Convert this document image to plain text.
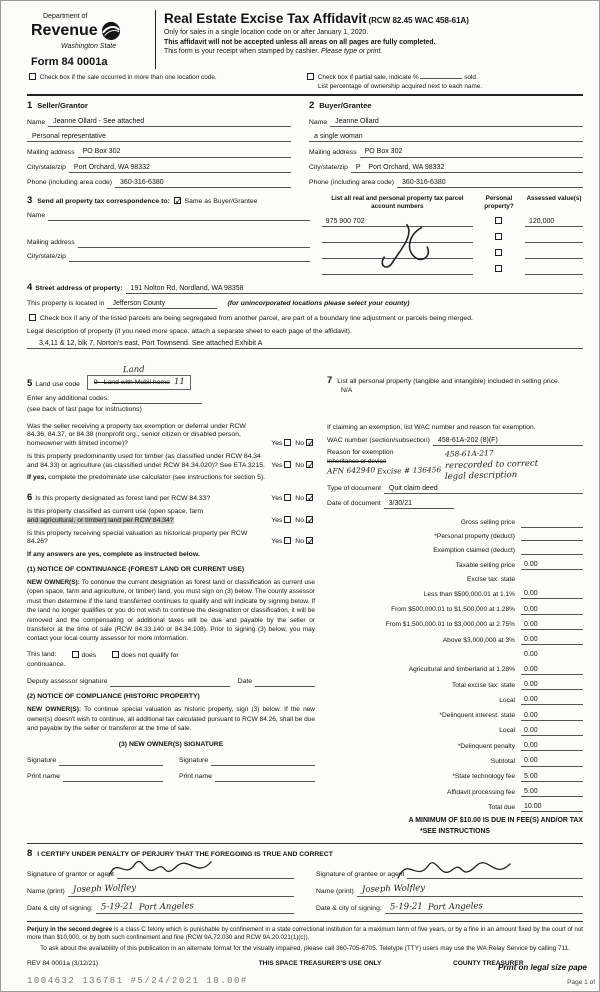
Department of
Revenue
Washington State
Form 84 0001a
Real Estate Excise Tax Affidavit (RCW 82.45 WAC 458-61A)
Only for sales in a single location code on or after January 1, 2020.
This affidavit will not be accepted unless all areas on all pages are fully completed.
This form is your receipt when stamped by cashier. Please type or print.
Check box if the sale occurred in more than one location code.	Check box if partial sale, indicate %	sold.
List percentage of ownership acquired next to each name.
1 Seller/Grantor
Name	Jeanne Ollard - See attached
Personal representative
Mailing address	PO Box 302
City/state/zip	Port Orchard, WA 98332
Phone (including area code)	360-316-6380
2 Buyer/Grantee
Name	Jeanne Ollard
a single woman
Mailing address	PO Box 302
City/state/zip	P Port Orchard, WA 98332
Phone (including area code)	360-316-6380
3 Send all property tax correspondence to: ✓ Same as Buyer/Grantee
Name
Mailing address
City/state/zip
List all real and personal property tax parcel account numbers
Personal property?
Assessed value(s)
975 900 702	120,000
4 Street address of property:	191 Nolton Rd, Nordland, WA 98358
This property is located in	Jefferson County	(for unincorporated locations please select your county)
Check box if any of the listed parcels are being segregated from another parcel, are part of a boundary line adjustment or parcels being merged.
Legal description of property (if you need more space, attach a separate sheet to each page of the affidavit).
3,4,11 & 12, blk 7, Norton's east, Port Townsend. See attached Exhibit A
5 Land use code	9 - Land with Mobil home 11
Land
Enter any additional codes:
(see back of last page for instructions)
Was the seller receiving a property tax exemption or deferral under RCW 84.36, 84.37, or 84.38 (nonprofit org., senior citizen or disabled person, homeowner with limited income)?	Yes No ✓
Is this property predominantly used for timber (as classified under RCW 84.34 and 84.33) or agriculture (as classified under RCW 84.34.020)? See ETA 3215. Yes No ✓
If yes, complete the predominate use calculator (see instructions for section 5).
6 Is this property designated as forest land per RCW 84.33?	Yes No ✓
Is this property classified as current use (open space, farm
and agricultural, or timber) land per RCW 84.34?	Yes No ✓
Is this property receiving special valuation as historical property per RCW 84.26?	Yes No ✓
If any answers are yes, complete as instructed below.
(1) NOTICE OF CONTINUANCE (FOREST LAND OR CURRENT USE)
NEW OWNER(S): To continue the current designation as forest land or classification as current use (open space, farm and agriculture, or timber) land, you must sign on (3) below. The county assessor must then determine if the land transferred continues to qualify and will indicate by signing below. If the land no longer qualifies or you do not wish to continue the designation or classification, it will be removed and the compensating or additional taxes will be due and payable by the seller or transferor at the time of sale (RCW 84.33.140 or 84.34.108). Prior to signing (3) below, you may contact your local county assessor for more information.
This land:	does	does not qualify for
continuance.
Deputy assessor signature	Date
(2) NOTICE OF COMPLIANCE (HISTORIC PROPERTY)
NEW OWNER(S): To continue special valuation as historic property, sign (3) below. If the new owner(s) doesn't wish to continue, all additional tax calculated pursuant to RCW 84.26, shall be due and payable by the seller or transferor at the time of sale.
(3) NEW OWNER(S) SIGNATURE
Signature	Signature
Print name	Print name
7 List all personal property (tangible and intangible) included in selling price. N/A
If claiming an exemption, list WAC number and reason for exemption.
WAC number (section/subsection)	458-61A-202 (8)(F)
Reason for exemption
Inheritance or device
AFN 642940 Excise # 136456
458-61A-217 rerecorded to correct legal description
Type of document	Quit claim deed
Date of document	3/30/21
Gross selling price
*Personal property (deduct)
Exemption claimed (deduct)
Taxable selling price	0.00
Excise tax: state
Less than $500,000.01 at 1.1%	0.00
From $500,000.01 to $1,500,000 at 1.28%	0.00
From $1,500,000.01 to $3,000,000 at 2.75%	0.00
Above $3,000,000 at 3%	0.00
0.00
Agricultural and timberland at 1.28%	0.00
Total excise tax: state	0.00
Local	0.00
*Delinquent interest: state	0.00
Local	0.00
*Delinquent penalty	0.00
Subtotal	0.00
*State technology fee	5.00
Affidavit processing fee	5.00
Total due	10.00
A MINIMUM OF $10.00 IS DUE IN FEE(S) AND/OR TAX
*SEE INSTRUCTIONS
8 I CERTIFY UNDER PENALTY OF PERJURY THAT THE FOREGOING IS TRUE AND CORRECT
Signature of grantor or agent
Name (print) Joseph Wolfley
Date & city of signing: 5-19-21 Port Angeles
Signature of grantee or agent
Name (print) Joseph Wolfley
Date & city of signing: 5-19-21 Port Angeles
Perjury in the second degree is a class C felony which is punishable by confinement in a state correctional institution for a maximum term of five years, or by a fine in an amount fixed by the court of not more than $10,000, or by both such confinement and fine (RCW 9A.72.030 and RCW 9A.20.021(1)(c)).
To ask about the availability of this publication in an alternate format for the visually impaired, please call 360-705-6705. Teletype (TTY) users may use the WA Relay Service by calling 711.
REV 84 0001a (3/12/21)	THIS SPACE TREASURER'S USE ONLY	COUNTY TREASURER
1004632 136781 #5/24/2021 10.00#
Print on legal size pape
Page 1 of
